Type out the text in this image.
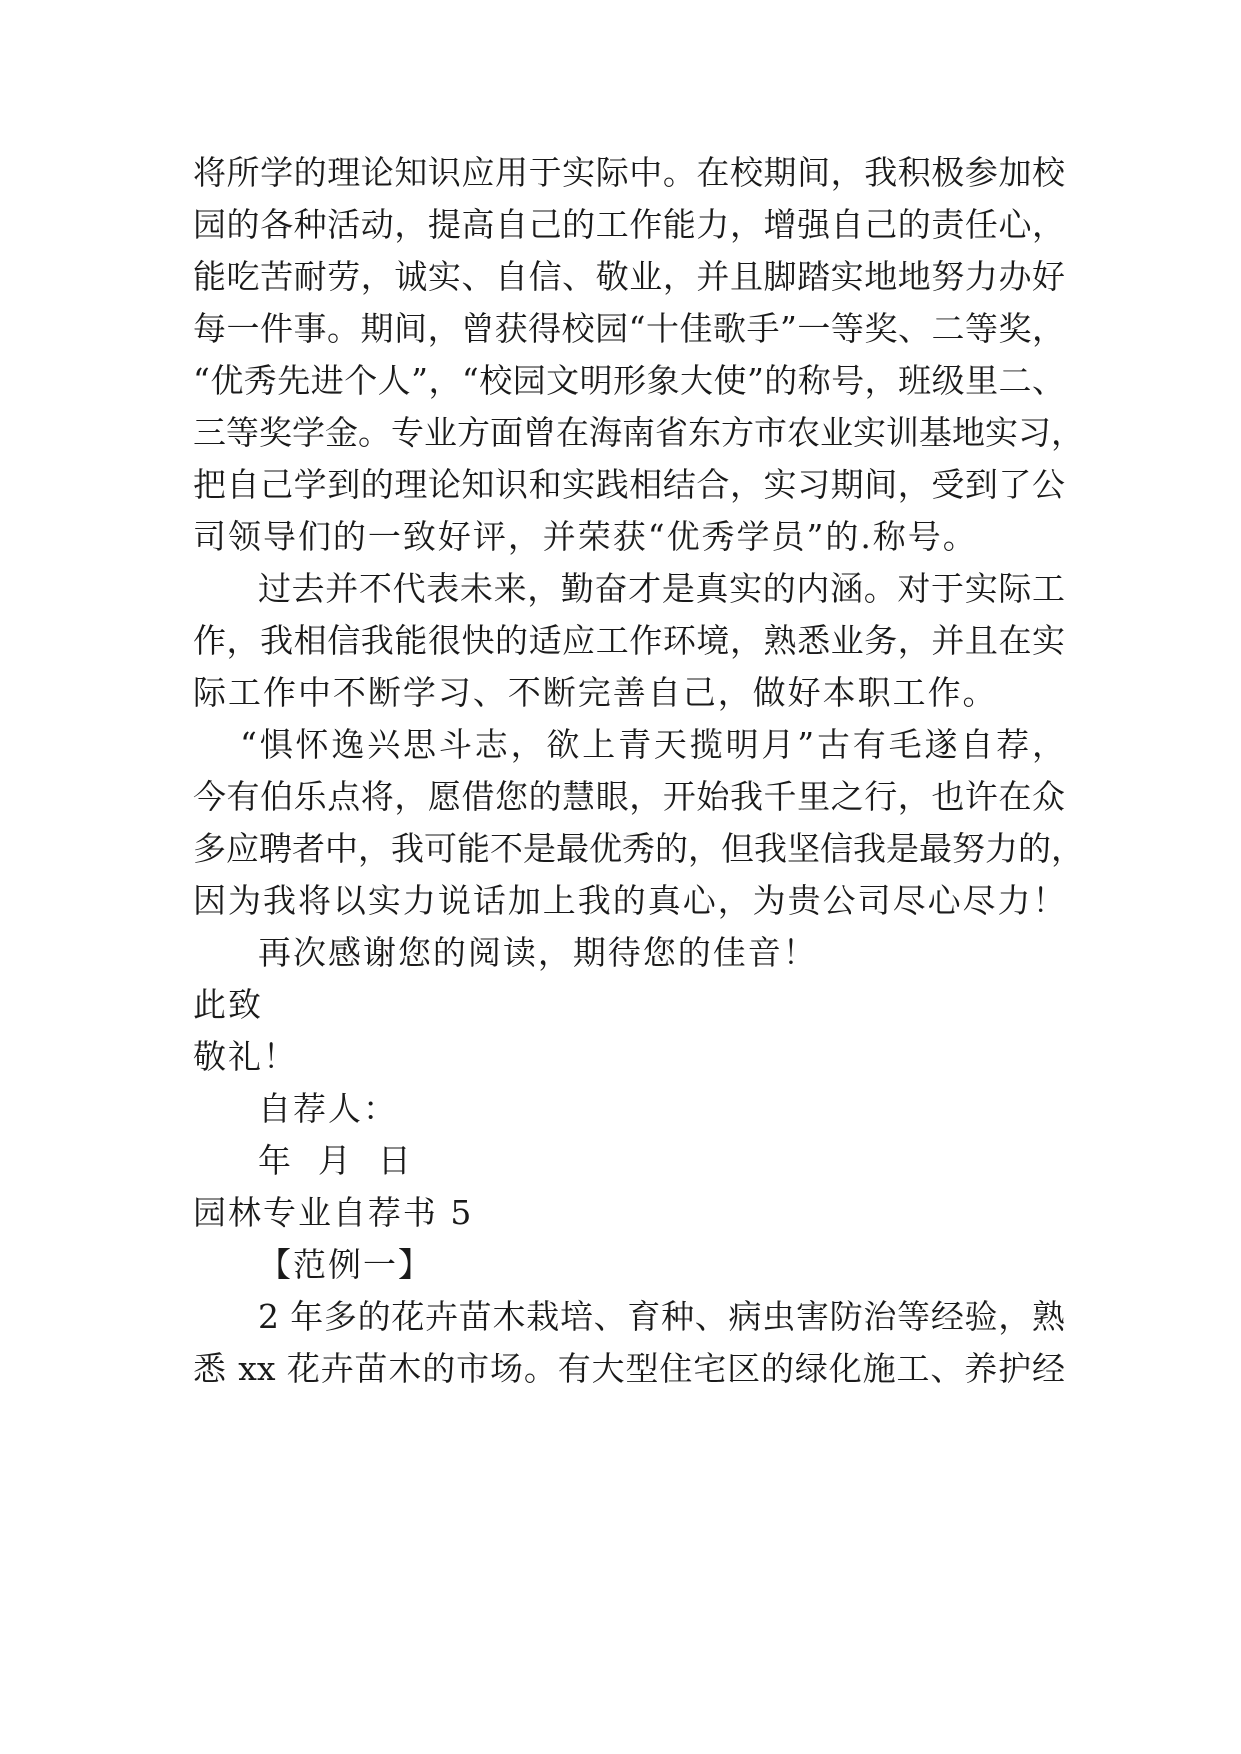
将所学的理论知识应用于实际中。在校期间，我积极参加校
园的各种活动，提高自己的工作能力，增强自己的责任心，
能吃苦耐劳，诚实、自信、敬业，并且脚踏实地地努力办好
每一件事。期间，曾获得校园“十佳歌手”一等奖、二等奖，
“优秀先进个人”，“校园文明形象大使”的称号，班级里二、
三等奖学金。专业方面曾在海南省东方市农业实训基地实习，
把自己学到的理论知识和实践相结合，实习期间，受到了公
司领导们的一致好评，并荣获“优秀学员”的.称号。
过去并不代表未来，勤奋才是真实的内涵。对于实际工
作，我相信我能很快的适应工作环境，熟悉业务，并且在实
际工作中不断学习、不断完善自己，做好本职工作。
“惧怀逸兴思斗志，欲上青天揽明月”古有毛遂自荐，
今有伯乐点将，愿借您的慧眼，开始我千里之行，也许在众
多应聘者中，我可能不是最优秀的，但我坚信我是最努力的，
因为我将以实力说话加上我的真心，为贵公司尽心尽力！
再次感谢您的阅读，期待您的佳音！
此致
敬礼！
自荐人：
年  月  日
园林专业自荐书 5
【范例一】
2 年多的花卉苗木栽培、育种、病虫害防治等经验，熟
悉 xx 花卉苗木的市场。有大型住宅区的绿化施工、养护经
